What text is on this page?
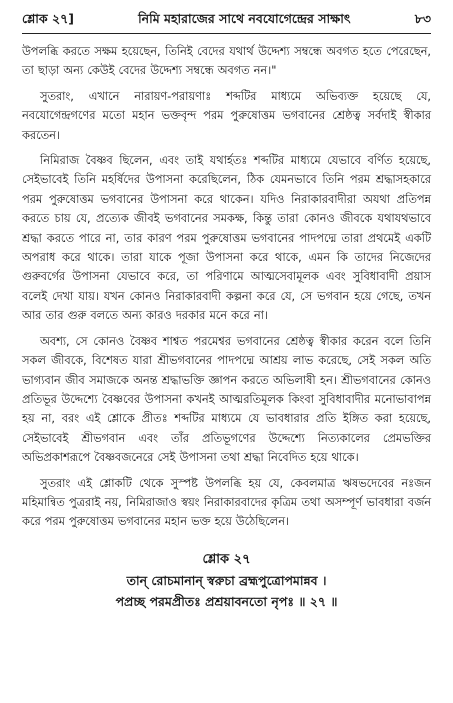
শ্লোক ২৭]	নিমি মহারাজের সাথে নবযোগেন্দ্রের সাক্ষাৎ	৮৩

উপলব্ধি করতে সক্ষম হয়েছেন, তিনিই বেদের যথার্থ উদ্দেশ্য সম্বন্ধে অবগত হতে পেরেছেন, তা ছাড়া অন্য কেউই বেদের উদ্দেশ্য সম্বন্ধে অবগত নন।"

সুতরাং, এখানে নারায়ণ-পরায়ণাঃ শব্দটির মাধ্যমে অভিব্যক্ত হয়েছে যে, নবযোগেন্দ্রগণের মতো মহান ভক্তবৃন্দ পরম পুরুষোত্তম ভগবানের শ্রেষ্ঠত্ব সর্বদাই স্বীকার করতেন।

নিমিরাজ বৈষ্ণব ছিলেন, এবং তাই যথার্হতঃ শব্দটির মাধ্যমে যেভাবে বর্ণিত হয়েছে, সেইভাবেই তিনি মহর্ষিদের উপাসনা করেছিলেন, ঠিক যেমনভাবে তিনি পরম শ্রদ্ধাসহকারে পরম পুরুষোত্তম ভগবানের উপাসনা করে থাকেন। যদিও নিরাকারবাদীরা অযথা প্রতিপন্ন করতে চায় যে, প্রত্যেক জীবই ভগবানের সমকক্ষ, কিন্তু তারা কোনও জীবকে যথাযথভাবে শ্রদ্ধা করতে পারে না, তার কারণ পরম পুরুষোত্তম ভগবানের পাদপদ্মে তারা প্রথমেই একটি অপরাধ করে থাকে। তারা যাকে পূজা উপাসনা করে থাকে, এমন কি তাদের নিজেদের গুরুবর্গের উপাসনা যেভাবে করে, তা পরিণামে আত্মসেবামূলক এবং সুবিধাবাদী প্রয়াস বলেই দেখা যায়। যখন কোনও নিরাকারবাদী কল্পনা করে যে, সে ভগবান হয়ে গেছে, তখন আর তার গুরু বলতে অন্য কারও দরকার মনে করে না।

অবশ্য, সে কোনও বৈষ্ণব শাশ্বত পরমেশ্বর ভগবানের শ্রেষ্ঠত্ব স্বীকার করেন বলে তিনি সকল জীবকে, বিশেষত যারা শ্রীভগবানের পাদপদ্মে আশ্রয় লাভ করেছে, সেই সকল অতি ভাগ্যবান জীব সমাজকে অনন্ত শ্রদ্ধাভক্তি জ্ঞাপন করতে অভিলাষী হন। শ্রীভগবানের কোনও প্রতিভূর উদ্দেশ্যে বৈষ্ণবের উপাসনা কখনই আত্মরতিমূলক কিংবা সুবিধাবাদীর মনোভাবাপন্ন হয় না, বরং এই শ্লোকে প্রীতঃ শব্দটির মাধ্যমে যে ভাবধারার প্রতি ইঙ্গিত করা হয়েছে, সেইভাবেই শ্রীভগবান এবং তাঁর প্রতিভূগণের উদ্দেশ্যে নিত্যকালের প্রেমভক্তির অভিপ্রকাশরূপে বৈষ্ণবজনেরে সেই উপাসনা তথা শ্রদ্ধা নিবেদিত হয়ে থাকে।

সুতরাং এই শ্লোকটি থেকে সুস্পষ্ট উপলব্ধি হয় যে, কেবলমাত্র ঋষভদেবের নঃজন মহিমান্বিত পুত্ররাই নয়, নিমিরাজাও স্বয়ং নিরাকারবাদের কৃত্রিম তথা অসম্পূর্ণ ভাবধারা বর্জন করে পরম পুরুষোত্তম ভগবানের মহান ভক্ত হয়ে উঠেছিলেন।

শ্লোক ২৭

তান্ রোচমানান্ স্বরুচা ব্রহ্মপুত্রোপমান্নব ।

পপ্রচ্ছ পরমপ্রীতঃ প্রশ্রয়াবনতো নৃপঃ ॥ ২৭ ॥
